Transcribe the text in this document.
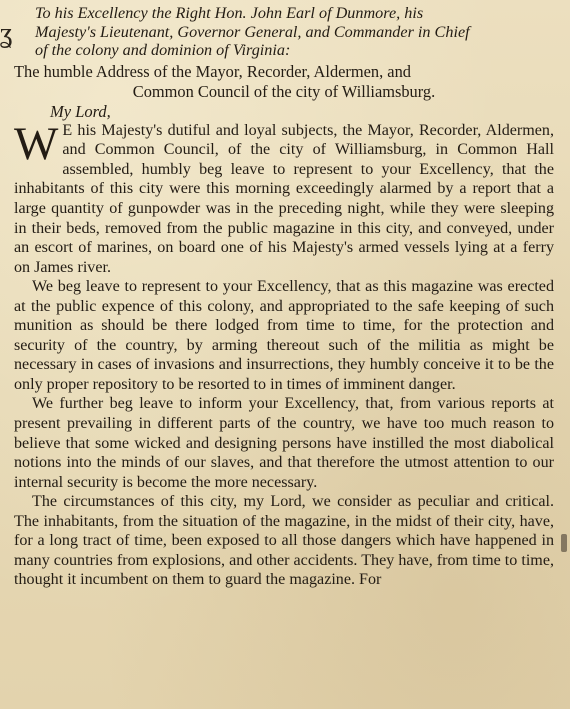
ʓ
To his Excellency the Right Hon. John Earl of Dunmore, his
Majesty's Lieutenant, Governor General, and Commander in Chief
of the colony and dominion of Virginia:
The humble Address of the Mayor, Recorder, Aldermen, and
Common Council of the city of Williamsburg.
My Lord,

W E his Majesty's dutiful and loyal subjects, the Mayor, Recorder, Aldermen, and Common Council, of the city of Williamsburg, in Common Hall assembled, humbly beg leave to represent to your Excellency, that the inhabitants of this city were this morning exceedingly alarmed by a report that a large quantity of gunpowder was in the preceding night, while they were sleeping in their beds, removed from the public magazine in this city, and conveyed, under an escort of marines, on board one of his Majesty's armed vessels lying at a ferry on James river.

We beg leave to represent to your Excellency, that as this magazine was erected at the public expence of this colony, and appropriated to the safe keeping of such munition as should be there lodged from time to time, for the protection and security of the country, by arming thereout such of the militia as might be necessary in cases of invasions and insurrections, they humbly conceive it to be the only proper repository to be resorted to in times of imminent danger.

We further beg leave to inform your Excellency, that, from various reports at present prevailing in different parts of the country, we have too much reason to believe that some wicked and designing persons have instilled the most diabolical notions into the minds of our slaves, and that therefore the utmost attention to our internal security is become the more necessary.

The circumstances of this city, my Lord, we consider as peculiar and critical. The inhabitants, from the situation of the magazine, in the midst of their city, have, for a long tract of time, been exposed to all those dangers which have happened in many countries from explosions, and other accidents. They have, from time to time, thought it incumbent on them to guard the magazine. For
